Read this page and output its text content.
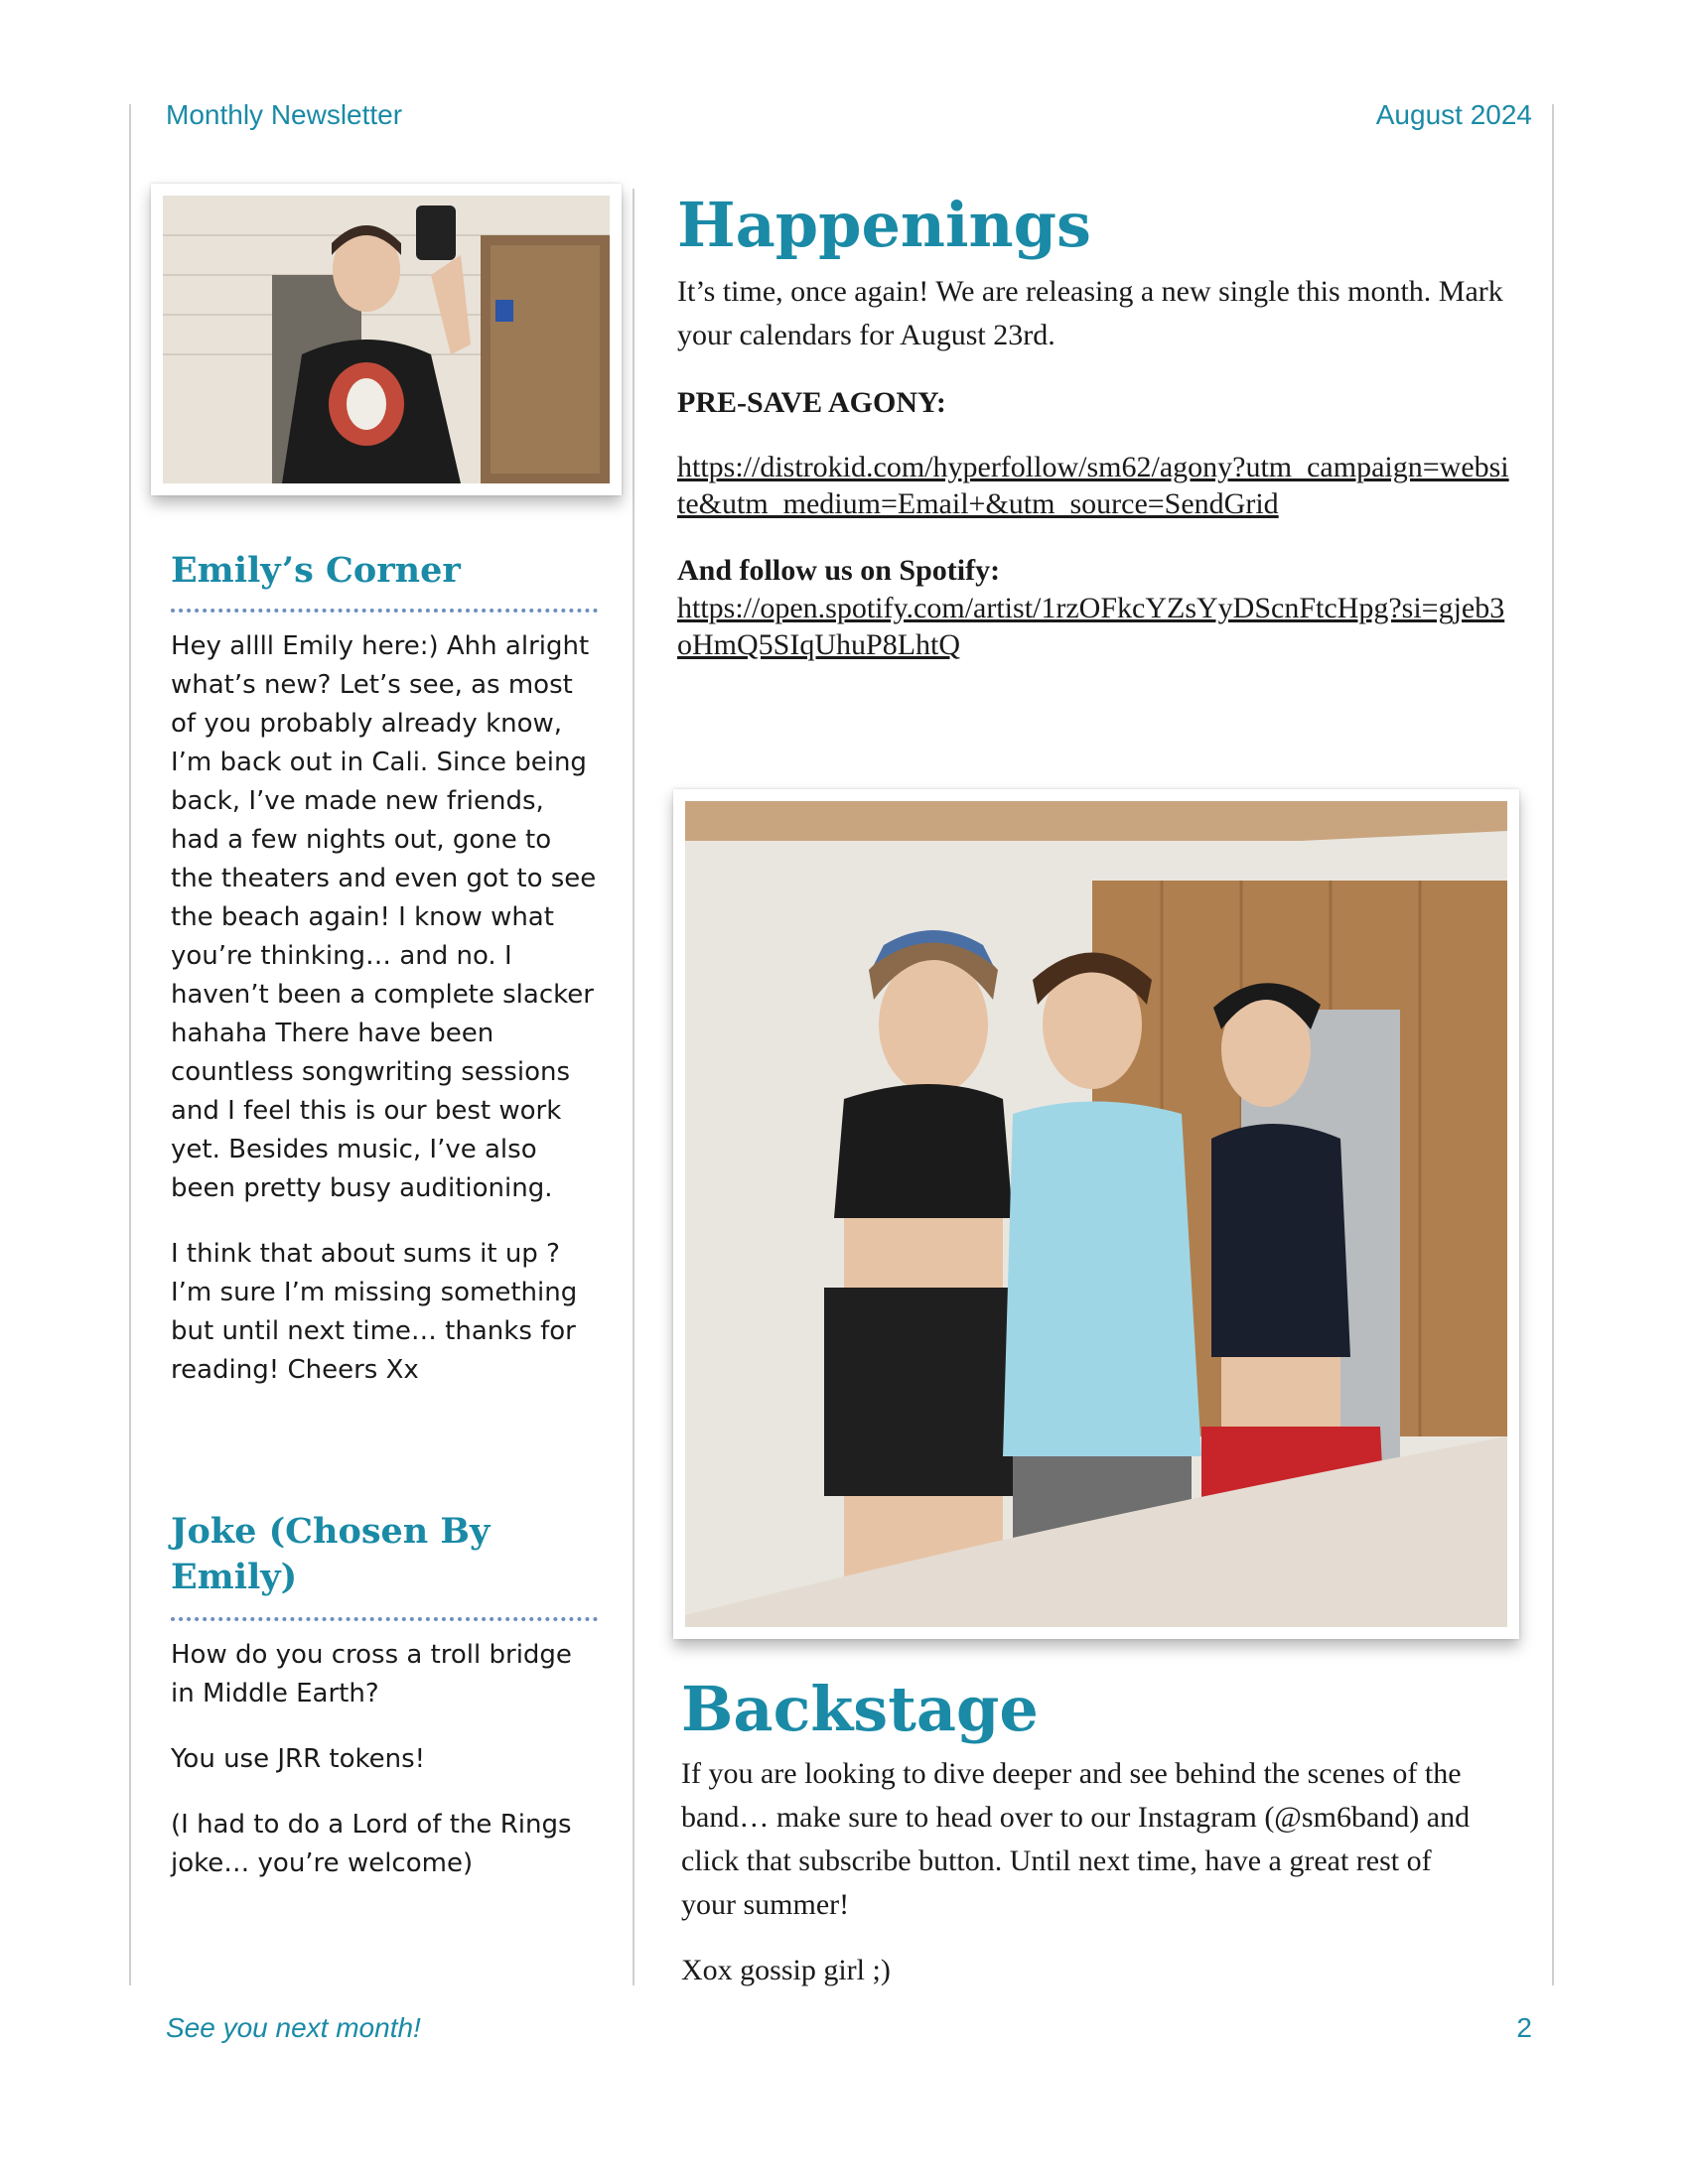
Monthly Newsletter	August 2024
See you next month!	2
Emily’s Corner

Hey allll Emily here:) Ahh alright what’s new? Let’s see, as most of you probably already know, I’m back out in Cali. Since being back, I’ve made new friends, had a few nights out, gone to the theaters and even got to see the beach again! I know what you’re thinking… and no. I haven’t been a complete slacker hahaha There have been countless songwriting sessions and I feel this is our best work yet. Besides music, I’ve also been pretty busy auditioning.

I think that about sums it up ? I’m sure I’m missing something but until next time… thanks for reading! Cheers Xx

Joke (Chosen By Emily)

How do you cross a troll bridge in Middle Earth?

You use JRR tokens!

(I had to do a Lord of the Rings joke… you’re welcome)

Happenings

It’s time, once again! We are releasing a new single this month. Mark your calendars for August 23rd.

PRE-SAVE AGONY:

https://distrokid.com/hyperfollow/sm62/agony?utm_campaign=website&utm_medium=Email+&utm_source=SendGrid

And follow us on Spotify:

https://open.spotify.com/artist/1rzOFkcYZsYyDScnFtcHpg?si=gjeb3oHmQ5SIqUhuP8LhtQ

Backstage

If you are looking to dive deeper and see behind the scenes of the band… make sure to head over to our Instagram (@sm6band) and click that subscribe button. Until next time, have a great rest of your summer!

Xox gossip girl ;)
